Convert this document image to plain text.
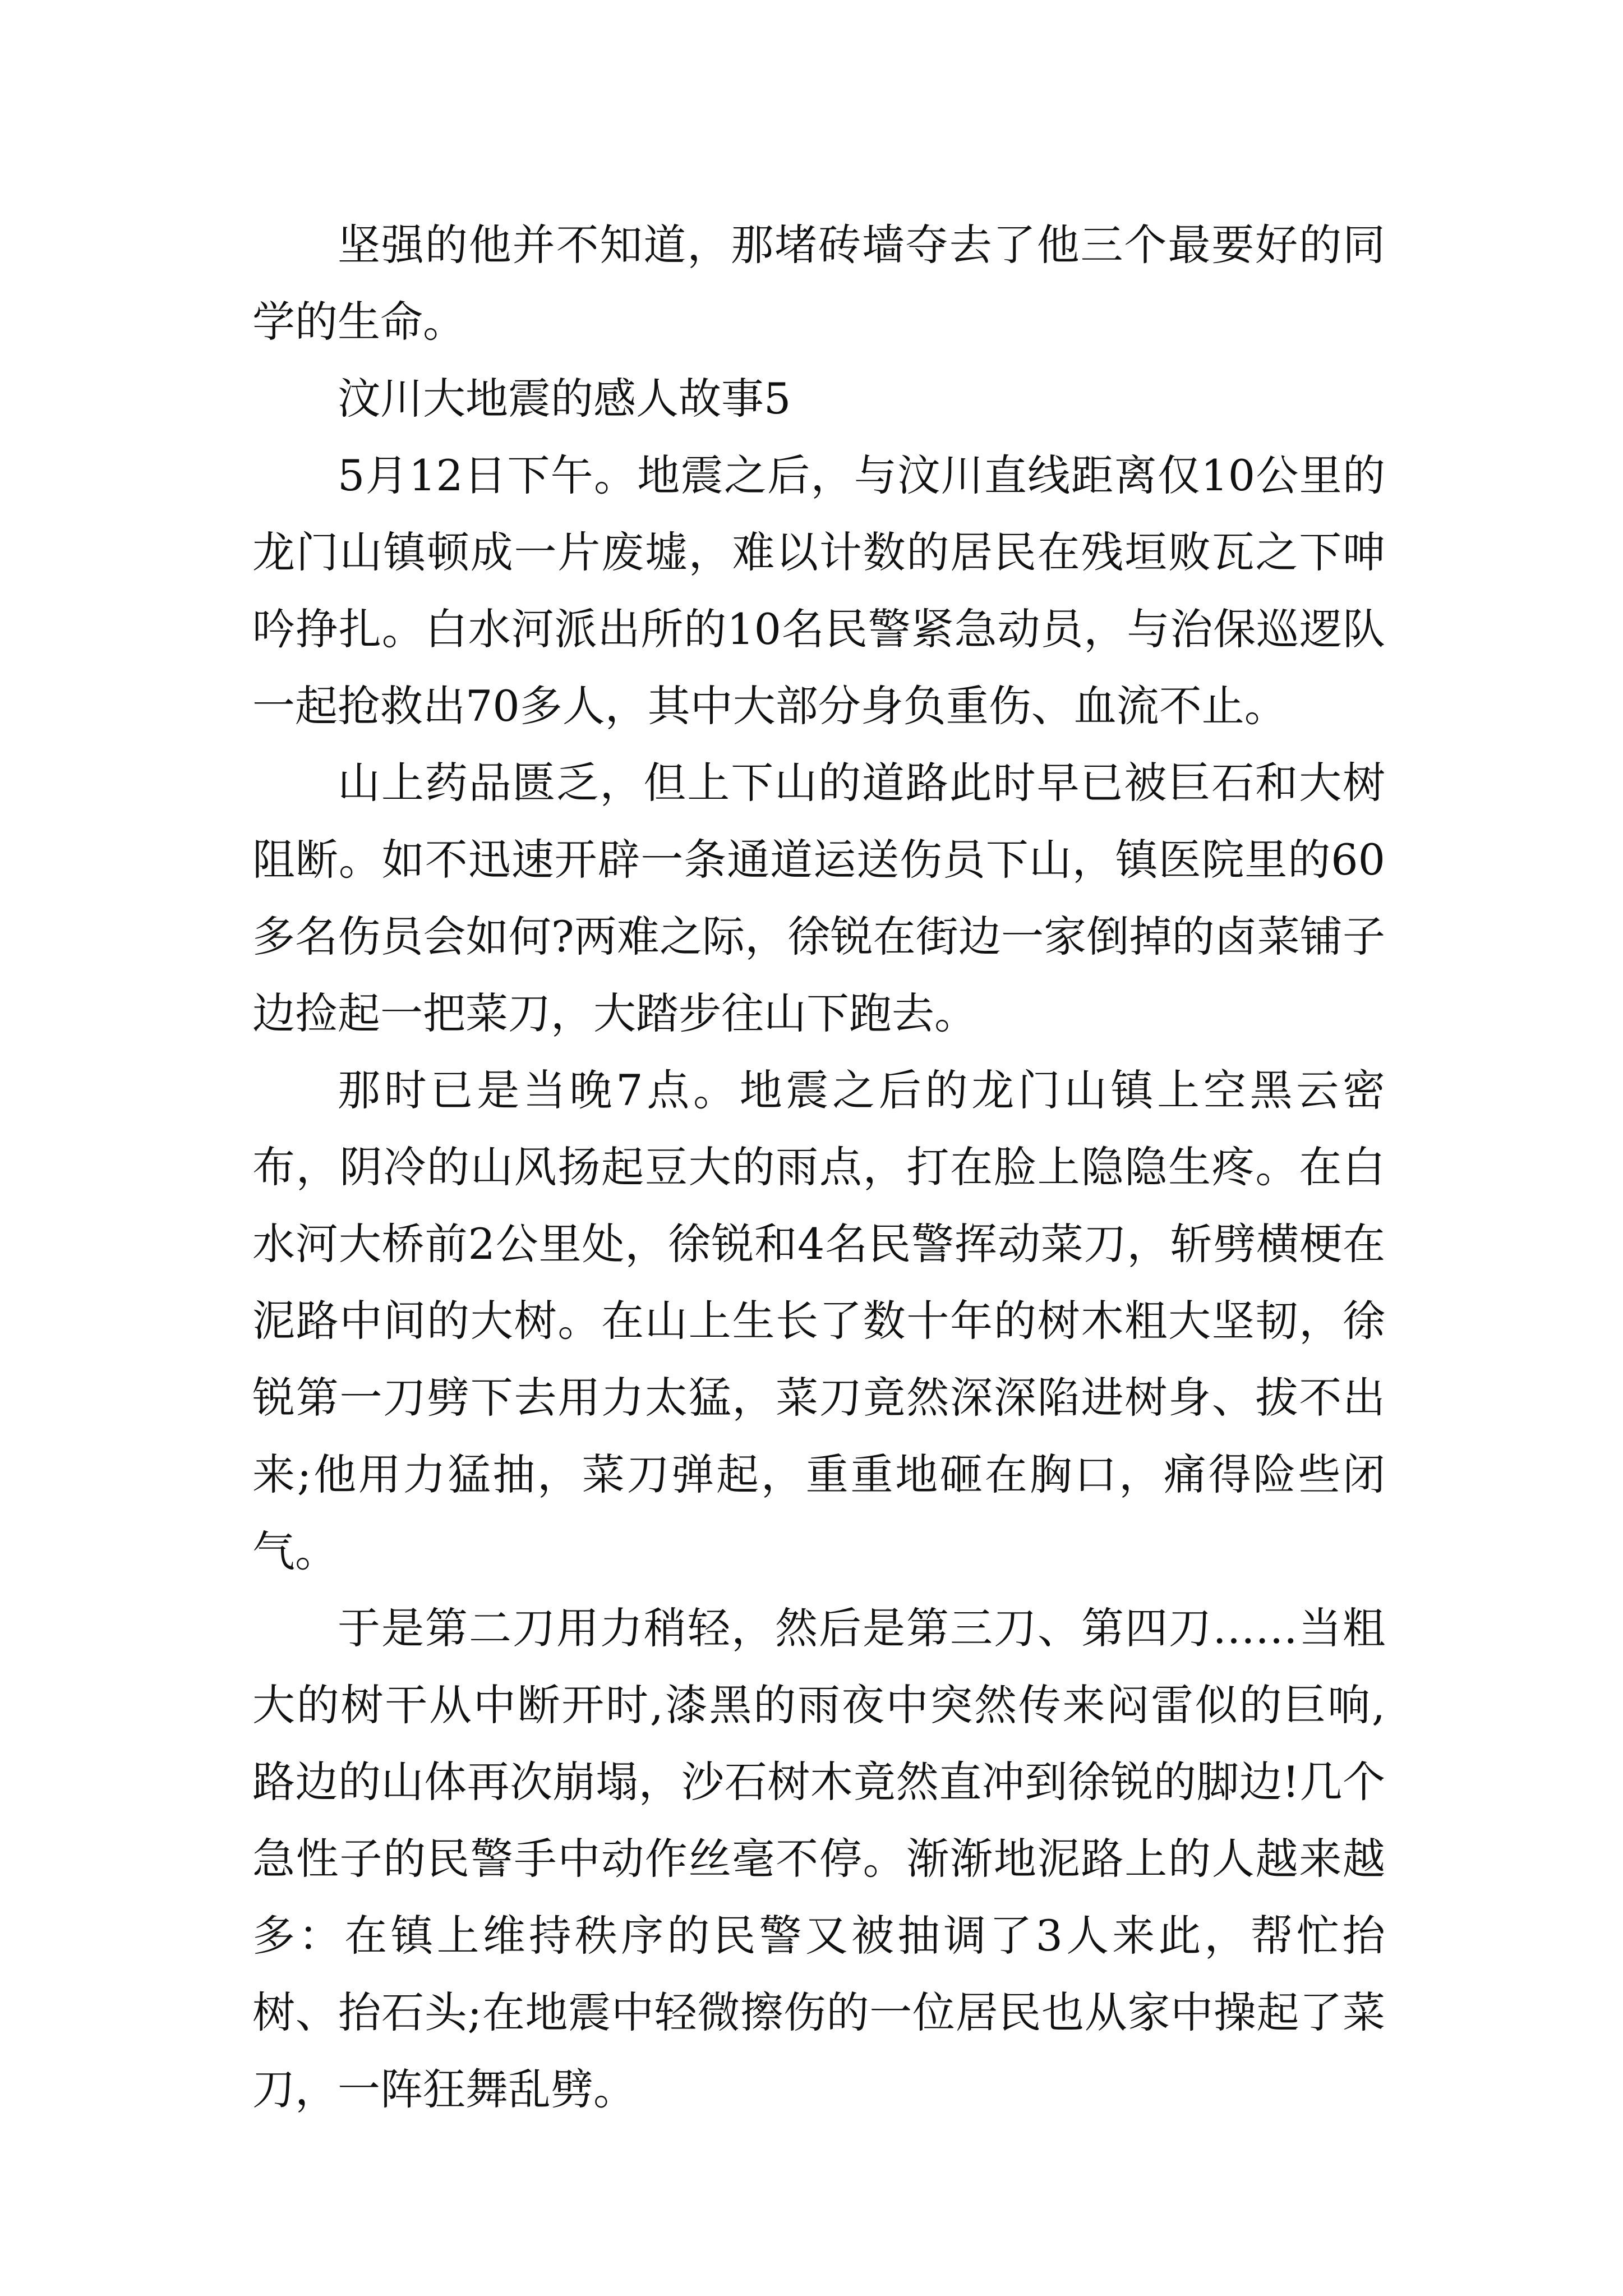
坚强的他并不知道，那堵砖墙夺去了他三个最要好的同学的生命。

汶川大地震的感人故事5

5月12日下午。地震之后，与汶川直线距离仅10公里的龙门山镇顿成一片废墟，难以计数的居民在残垣败瓦之下呻吟挣扎。白水河派出所的10名民警紧急动员，与治保巡逻队一起抢救出70多人，其中大部分身负重伤、血流不止。

山上药品匮乏，但上下山的道路此时早已被巨石和大树阻断。如不迅速开辟一条通道运送伤员下山，镇医院里的60多名伤员会如何?两难之际，徐锐在街边一家倒掉的卤菜铺子边捡起一把菜刀，大踏步往山下跑去。

那时已是当晚7点。地震之后的龙门山镇上空黑云密布，阴冷的山风扬起豆大的雨点，打在脸上隐隐生疼。在白水河大桥前2公里处，徐锐和4名民警挥动菜刀，斩劈横梗在泥路中间的大树。在山上生长了数十年的树木粗大坚韧，徐锐第一刀劈下去用力太猛，菜刀竟然深深陷进树身、拔不出来;他用力猛抽，菜刀弹起，重重地砸在胸口，痛得险些闭气。

于是第二刀用力稍轻，然后是第三刀、第四刀……当粗大的树干从中断开时,漆黑的雨夜中突然传来闷雷似的巨响,路边的山体再次崩塌，沙石树木竟然直冲到徐锐的脚边!几个急性子的民警手中动作丝毫不停。渐渐地泥路上的人越来越多：在镇上维持秩序的民警又被抽调了3人来此，帮忙抬树、抬石头;在地震中轻微擦伤的一位居民也从家中操起了菜刀，一阵狂舞乱劈。
